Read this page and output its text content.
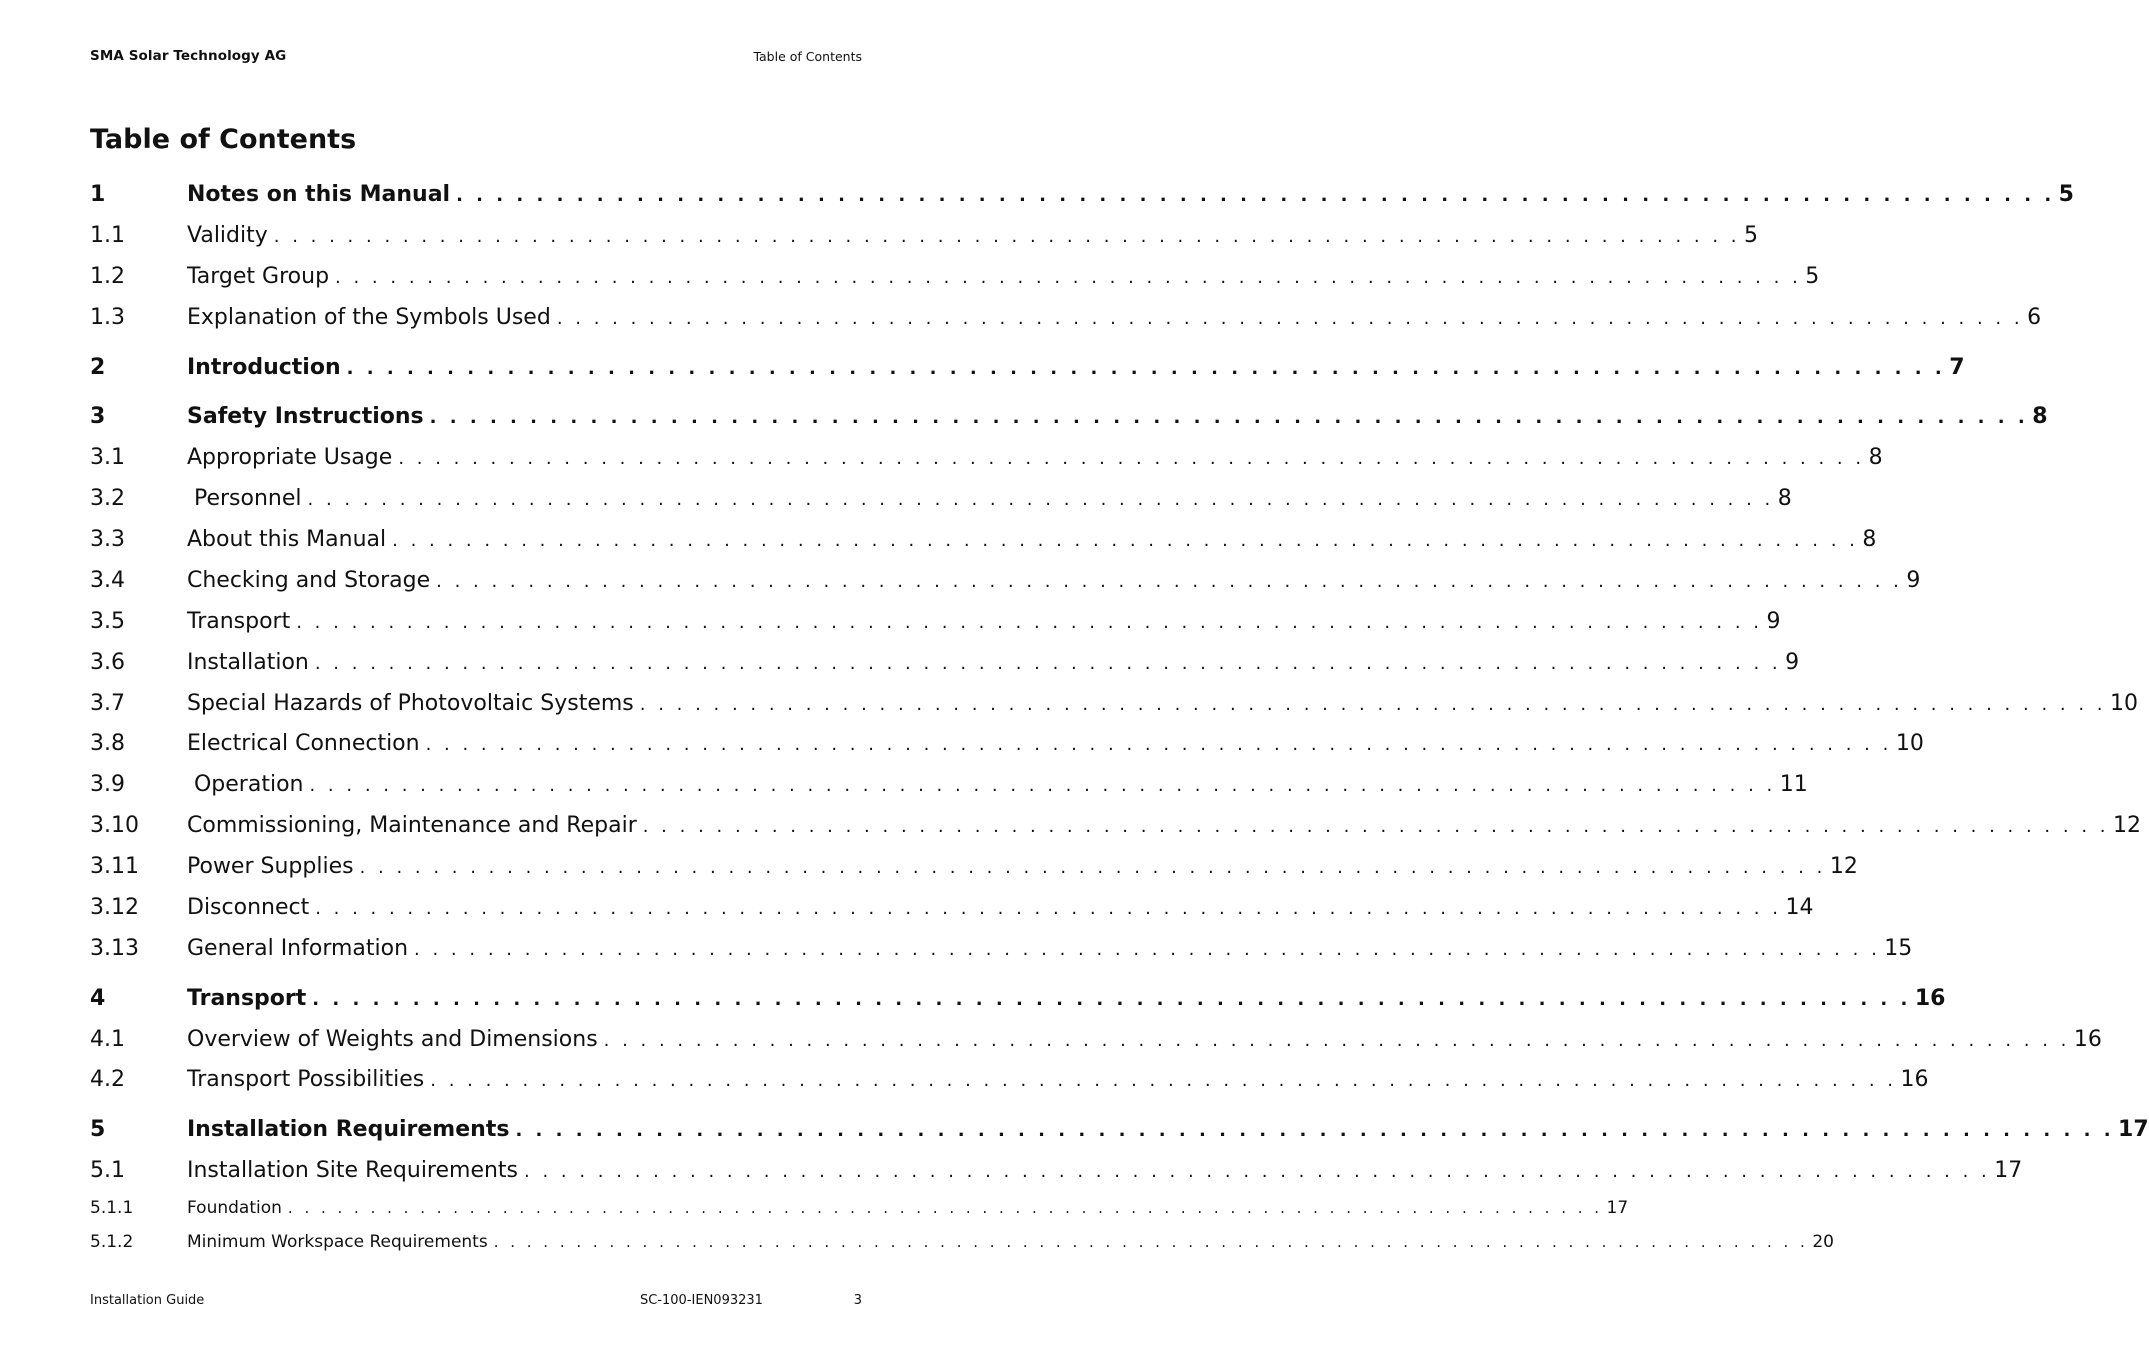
SMA Solar Technology AG	Table of Contents
Table of Contents
1	Notes on this Manual . . . . . . . . . . . . . . . . . . . . . . . . . . . . . . . . . . . . . . . . . . . . . . . . . . . . . . . . . . . . . . . . . . . . . . . . . . . . . . . . 5
1.1	Validity . . . . . . . . . . . . . . . . . . . . . . . . . . . . . . . . . . . . . . . . . . . . . . . . . . . . . . . . . . . . . . . . . . . . . . . . . . . . . . . . 5
1.2	Target Group . . . . . . . . . . . . . . . . . . . . . . . . . . . . . . . . . . . . . . . . . . . . . . . . . . . . . . . . . . . . . . . . . . . . . . . . . . . . . . . . 5
1.3	Explanation of the Symbols Used . . . . . . . . . . . . . . . . . . . . . . . . . . . . . . . . . . . . . . . . . . . . . . . . . . . . . . . . . . . . . . . . . . . . . . . . . . . . . . . . 6
2	Introduction . . . . . . . . . . . . . . . . . . . . . . . . . . . . . . . . . . . . . . . . . . . . . . . . . . . . . . . . . . . . . . . . . . . . . . . . . . . . . . . . 7
3	Safety Instructions . . . . . . . . . . . . . . . . . . . . . . . . . . . . . . . . . . . . . . . . . . . . . . . . . . . . . . . . . . . . . . . . . . . . . . . . . . . . . . . . 8
3.1	Appropriate Usage . . . . . . . . . . . . . . . . . . . . . . . . . . . . . . . . . . . . . . . . . . . . . . . . . . . . . . . . . . . . . . . . . . . . . . . . . . . . . . . . 8
3.2	Personnel . . . . . . . . . . . . . . . . . . . . . . . . . . . . . . . . . . . . . . . . . . . . . . . . . . . . . . . . . . . . . . . . . . . . . . . . . . . . . . . . 8
3.3	About this Manual . . . . . . . . . . . . . . . . . . . . . . . . . . . . . . . . . . . . . . . . . . . . . . . . . . . . . . . . . . . . . . . . . . . . . . . . . . . . . . . . 8
3.4	Checking and Storage . . . . . . . . . . . . . . . . . . . . . . . . . . . . . . . . . . . . . . . . . . . . . . . . . . . . . . . . . . . . . . . . . . . . . . . . . . . . . . . . 9
3.5	Transport . . . . . . . . . . . . . . . . . . . . . . . . . . . . . . . . . . . . . . . . . . . . . . . . . . . . . . . . . . . . . . . . . . . . . . . . . . . . . . . . 9
3.6	Installation . . . . . . . . . . . . . . . . . . . . . . . . . . . . . . . . . . . . . . . . . . . . . . . . . . . . . . . . . . . . . . . . . . . . . . . . . . . . . . . . 9
3.7	Special Hazards of Photovoltaic Systems . . . . . . . . . . . . . . . . . . . . . . . . . . . . . . . . . . . . . . . . . . . . . . . . . . . . . . . . . . . . . . . . . . . . . . . . . . . . . . . . 10
3.8	Electrical Connection . . . . . . . . . . . . . . . . . . . . . . . . . . . . . . . . . . . . . . . . . . . . . . . . . . . . . . . . . . . . . . . . . . . . . . . . . . . . . . . . 10
3.9	Operation . . . . . . . . . . . . . . . . . . . . . . . . . . . . . . . . . . . . . . . . . . . . . . . . . . . . . . . . . . . . . . . . . . . . . . . . . . . . . . . . 11
3.10	Commissioning, Maintenance and Repair . . . . . . . . . . . . . . . . . . . . . . . . . . . . . . . . . . . . . . . . . . . . . . . . . . . . . . . . . . . . . . . . . . . . . . . . . . . . . . . . 12
3.11	Power Supplies . . . . . . . . . . . . . . . . . . . . . . . . . . . . . . . . . . . . . . . . . . . . . . . . . . . . . . . . . . . . . . . . . . . . . . . . . . . . . . . . 12
3.12	Disconnect . . . . . . . . . . . . . . . . . . . . . . . . . . . . . . . . . . . . . . . . . . . . . . . . . . . . . . . . . . . . . . . . . . . . . . . . . . . . . . . . 14
3.13	General Information . . . . . . . . . . . . . . . . . . . . . . . . . . . . . . . . . . . . . . . . . . . . . . . . . . . . . . . . . . . . . . . . . . . . . . . . . . . . . . . . 15
4	Transport . . . . . . . . . . . . . . . . . . . . . . . . . . . . . . . . . . . . . . . . . . . . . . . . . . . . . . . . . . . . . . . . . . . . . . . . . . . . . . . . 16
4.1	Overview of Weights and Dimensions . . . . . . . . . . . . . . . . . . . . . . . . . . . . . . . . . . . . . . . . . . . . . . . . . . . . . . . . . . . . . . . . . . . . . . . . . . . . . . . . 16
4.2	Transport Possibilities . . . . . . . . . . . . . . . . . . . . . . . . . . . . . . . . . . . . . . . . . . . . . . . . . . . . . . . . . . . . . . . . . . . . . . . . . . . . . . . . 16
5	Installation Requirements . . . . . . . . . . . . . . . . . . . . . . . . . . . . . . . . . . . . . . . . . . . . . . . . . . . . . . . . . . . . . . . . . . . . . . . . . . . . . . . . 17
5.1	Installation Site Requirements . . . . . . . . . . . . . . . . . . . . . . . . . . . . . . . . . . . . . . . . . . . . . . . . . . . . . . . . . . . . . . . . . . . . . . . . . . . . . . . . 17
5.1.1	Foundation . . . . . . . . . . . . . . . . . . . . . . . . . . . . . . . . . . . . . . . . . . . . . . . . . . . . . . . . . . . . . . . . . . . . . . . . . . . . . . . . 17
5.1.2	Minimum Workspace Requirements . . . . . . . . . . . . . . . . . . . . . . . . . . . . . . . . . . . . . . . . . . . . . . . . . . . . . . . . . . . . . . . . . . . . . . . . . . . . . . . . 20
Installation Guide	SC-100-IEN093231	3
